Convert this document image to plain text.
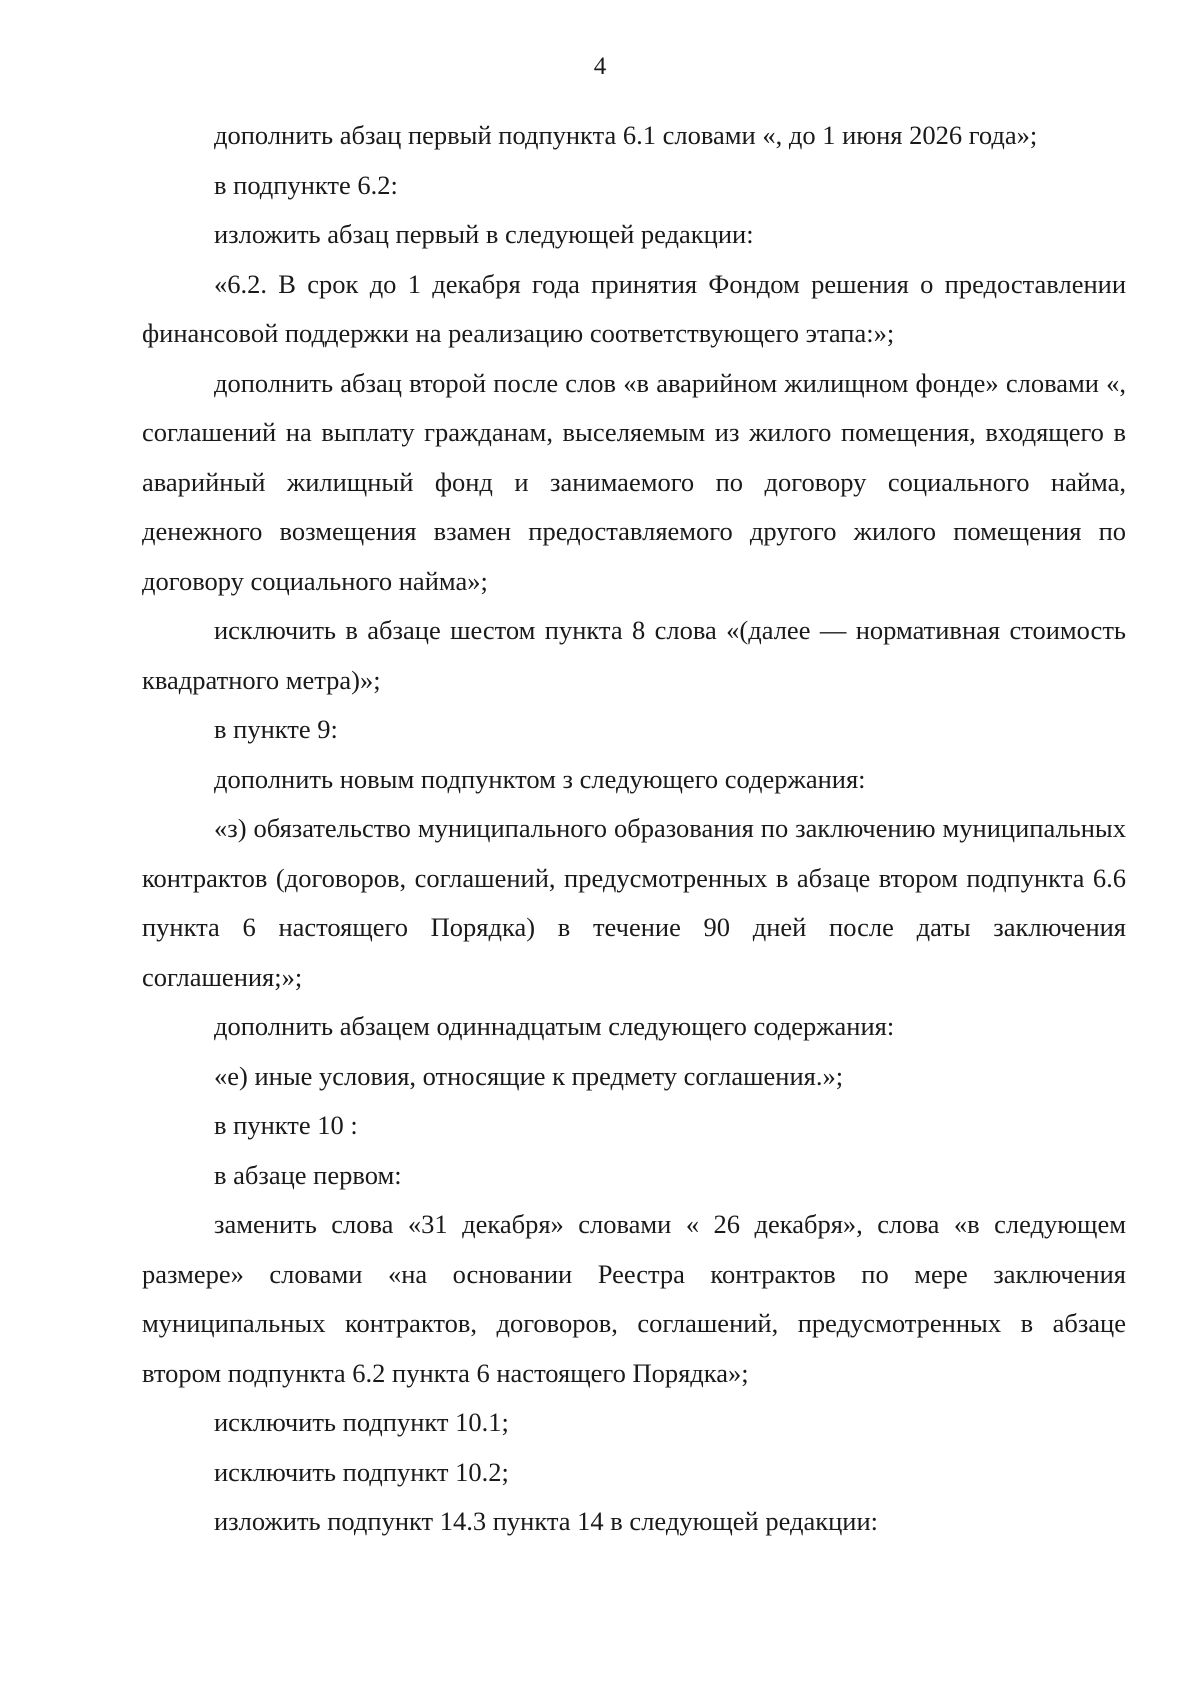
4

дополнить абзац первый подпункта 6.1 словами «, до 1 июня 2026 года»;

в подпункте 6.2:

изложить абзац первый в следующей редакции:

«6.2. В срок до 1 декабря года принятия Фондом решения о предоставлении финансовой поддержки на реализацию соответствующего этапа:»;

дополнить абзац второй после слов «в аварийном жилищном фонде» словами «, соглашений на выплату гражданам, выселяемым из жилого помещения, входящего в аварийный жилищный фонд и занимаемого по договору социального найма, денежного возмещения взамен предоставляемого другого жилого помещения по договору социального найма»;

исключить в абзаце шестом пункта 8 слова «(далее — нормативная стоимость квадратного метра)»;

в пункте 9:

дополнить новым подпунктом з следующего содержания:

«з) обязательство муниципального образования по заключению муниципальных контрактов (договоров, соглашений, предусмотренных в абзаце втором подпункта 6.6 пункта 6 настоящего Порядка) в течение 90 дней после даты заключения соглашения;»;

дополнить абзацем одиннадцатым следующего содержания:

«е) иные условия, относящие к предмету соглашения.»;

в пункте 10 :

в абзаце первом:

заменить слова «31 декабря» словами « 26 декабря», слова «в следующем размере» словами «на основании Реестра контрактов по мере заключения муниципальных контрактов, договоров, соглашений, предусмотренных в абзаце втором подпункта 6.2 пункта 6 настоящего Порядка»;

исключить подпункт 10.1;

исключить подпункт 10.2;

изложить подпункт 14.3 пункта 14 в следующей редакции:
